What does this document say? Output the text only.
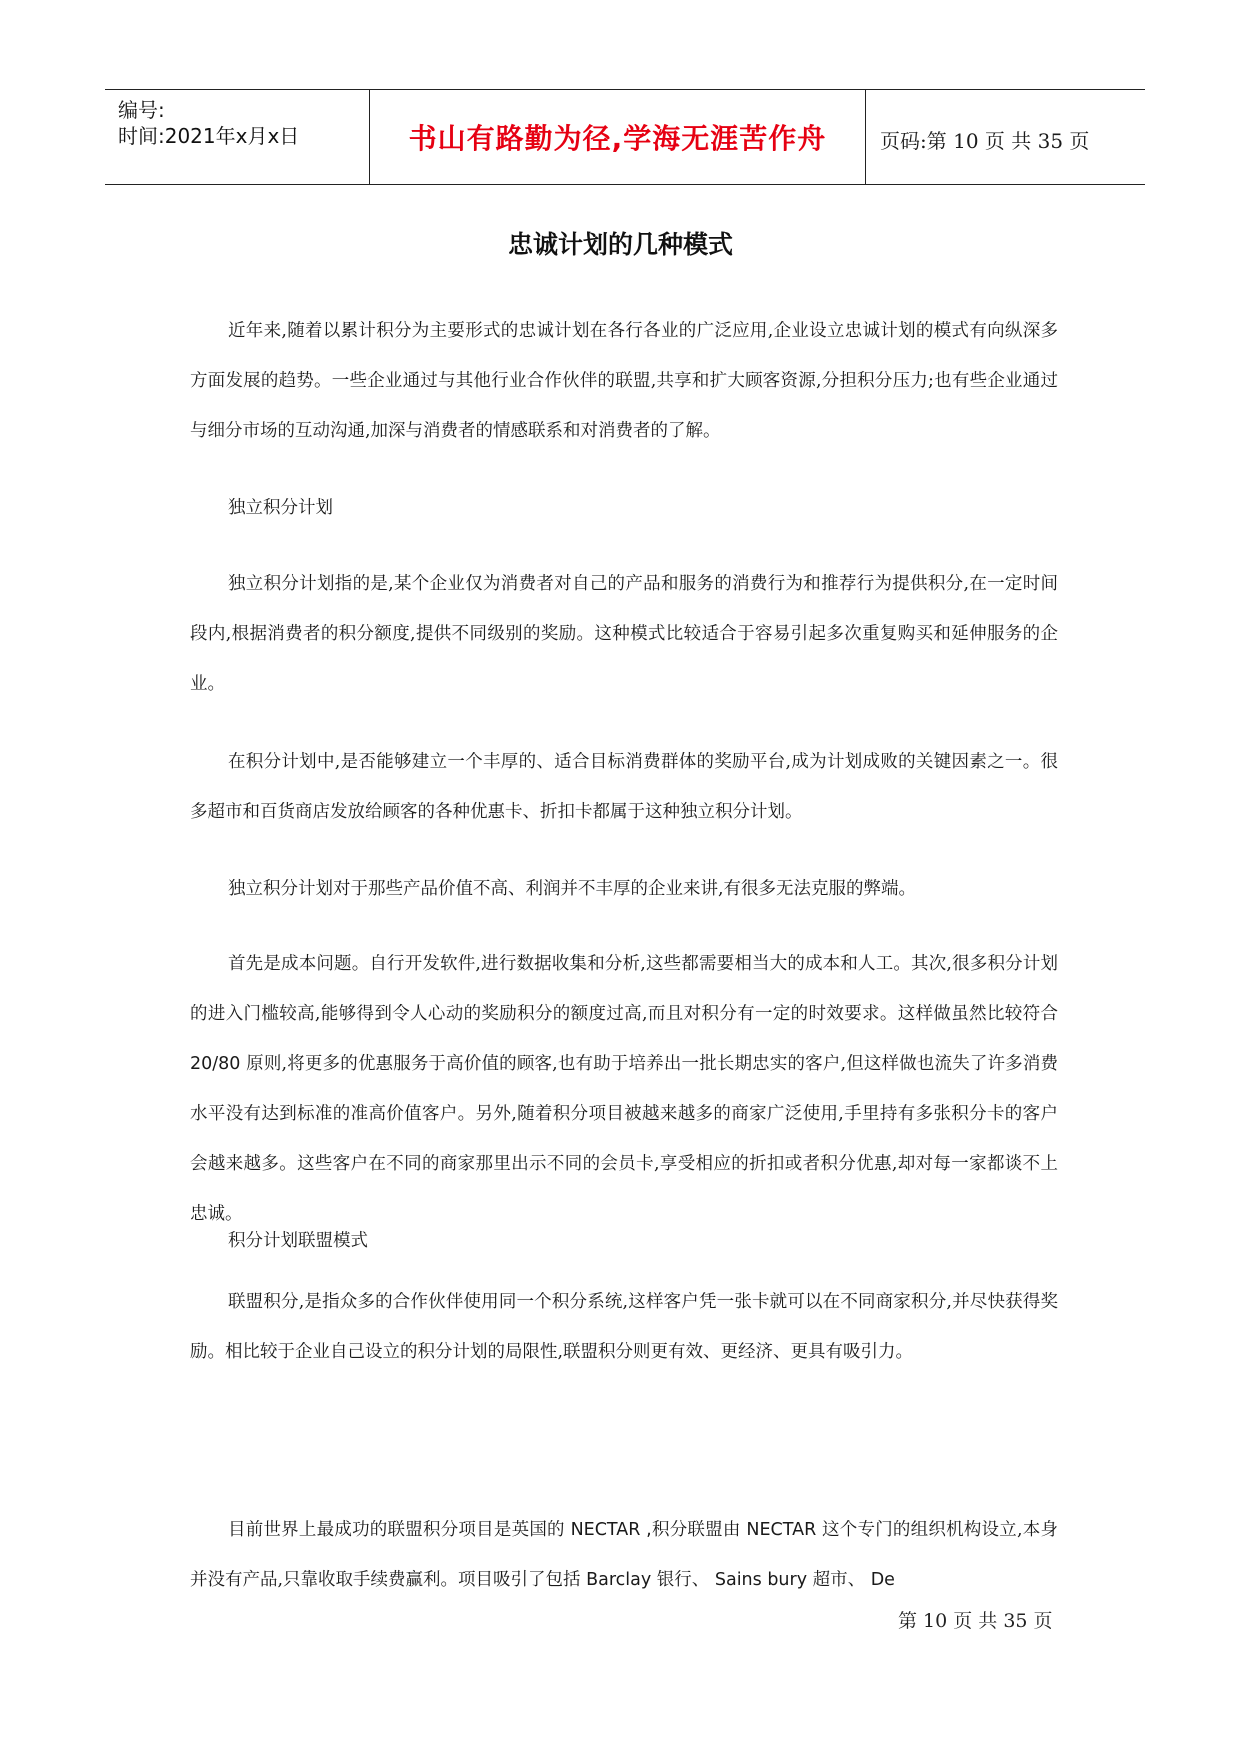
编号:
时间:2021年x月x日	书山有路勤为径,学海无涯苦作舟	页码:第 10 页 共 35 页
忠诚计划的几种模式
近年来,随着以累计积分为主要形式的忠诚计划在各行各业的广泛应用,企业设立忠诚计划的模式有向纵深多方面发展的趋势。一些企业通过与其他行业合作伙伴的联盟,共享和扩大顾客资源,分担积分压力;也有些企业通过与细分市场的互动沟通,加深与消费者的情感联系和对消费者的了解。
独立积分计划
独立积分计划指的是,某个企业仅为消费者对自己的产品和服务的消费行为和推荐行为提供积分,在一定时间段内,根据消费者的积分额度,提供不同级别的奖励。这种模式比较适合于容易引起多次重复购买和延伸服务的企业。
在积分计划中,是否能够建立一个丰厚的、适合目标消费群体的奖励平台,成为计划成败的关键因素之一。很多超市和百货商店发放给顾客的各种优惠卡、折扣卡都属于这种独立积分计划。
独立积分计划对于那些产品价值不高、利润并不丰厚的企业来讲,有很多无法克服的弊端。
首先是成本问题。自行开发软件,进行数据收集和分析,这些都需要相当大的成本和人工。其次,很多积分计划的进入门槛较高,能够得到令人心动的奖励积分的额度过高,而且对积分有一定的时效要求。这样做虽然比较符合 20/80 原则,将更多的优惠服务于高价值的顾客,也有助于培养出一批长期忠实的客户,但这样做也流失了许多消费水平没有达到标准的准高价值客户。另外,随着积分项目被越来越多的商家广泛使用,手里持有多张积分卡的客户会越来越多。这些客户在不同的商家那里出示不同的会员卡,享受相应的折扣或者积分优惠,却对每一家都谈不上忠诚。
联盟积分,是指众多的合作伙伴使用同一个积分系统,这样客户凭一张卡就可以在不同商家积分,并尽快获得奖励。相比较于企业自己设立的积分计划的局限性,联盟积分则更有效、更经济、更具有吸引力。
积分计划联盟模式
目前世界上最成功的联盟积分项目是英国的 NECTAR ,积分联盟由 NECTAR 这个专门的组织机构设立,本身并没有产品,只靠收取手续费赢利。项目吸引了包括 Barclay 银行、 Sains bury 超市、 De
第 10 页 共 35 页
